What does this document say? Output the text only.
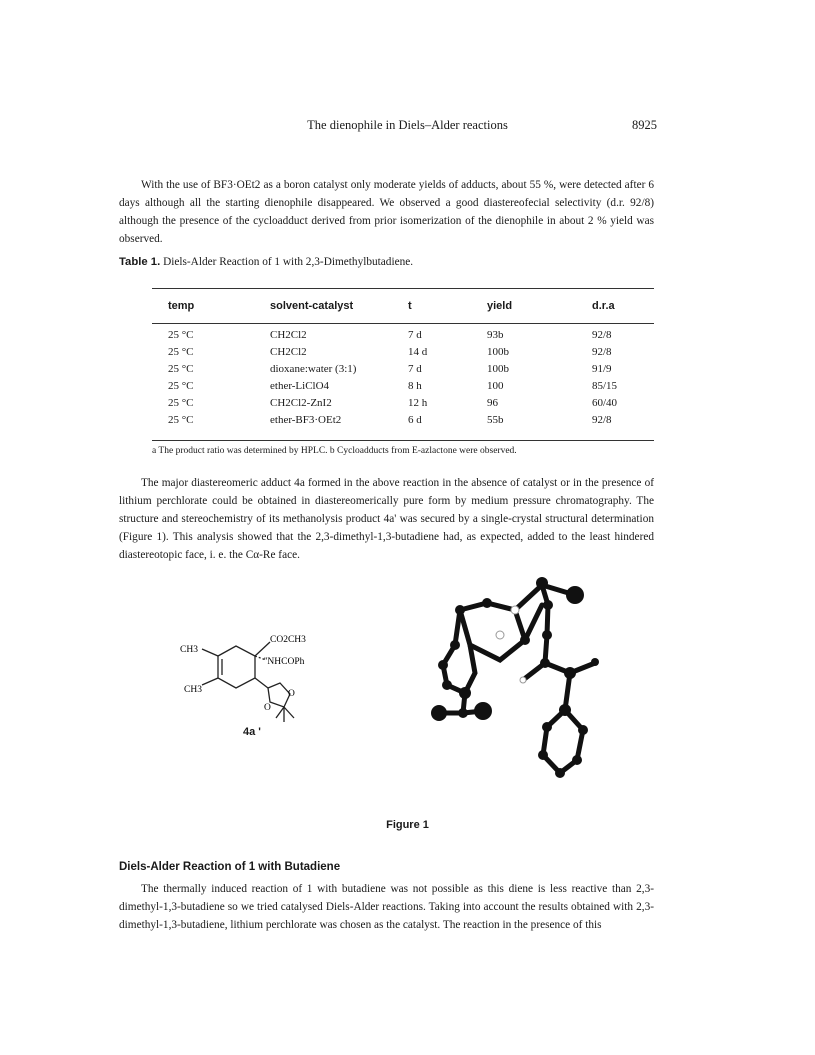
The dienophile in Diels–Alder reactions	8925

With the use of BF3·OEt2 as a boron catalyst only moderate yields of adducts, about 55 %, were detected after 6 days although all the starting dienophile disappeared. We observed a good diastereofecial selectivity (d.r. 92/8) although the presence of the cycloadduct derived from prior isomerization of the dienophile in about 2 % yield was observed.

Table 1. Diels-Alder Reaction of 1 with 2,3-Dimethylbutadiene.
temp	solvent-catalyst	t	yield	d.r.a

25 °C	CH2Cl2	7 d	93b	92/8
25 °C	CH2Cl2	14 d	100b	92/8
25 °C	dioxane:water (3:1)	7 d	100b	91/9
25 °C	ether-LiClO4	8 h	100	85/15
25 °C	CH2Cl2-ZnI2	12 h	96	60/40
25 °C	ether-BF3·OEt2	6 d	55b	92/8
a The product ratio was determined by HPLC. b Cycloadducts from E-azlactone were observed.

The major diastereomeric adduct 4a formed in the above reaction in the absence of catalyst or in the presence of lithium perchlorate could be obtained in diastereomerically pure form by medium pressure chromatography. The structure and stereochemistry of its methanolysis product 4a' was secured by a single-crystal structural determination (Figure 1). This analysis showed that the 2,3-dimethyl-1,3-butadiene had, as expected, added to the least hindered diastereotopic face, i. e. the Cα-Re face.

CH3
CH3
CO2CH3
''NHCOPh
O
O
4a '
Figure 1
Diels-Alder Reaction of 1 with Butadiene

The thermally induced reaction of 1 with butadiene was not possible as this diene is less reactive than 2,3-dimethyl-1,3-butadiene so we tried catalysed Diels-Alder reactions. Taking into account the results obtained with 2,3-dimethyl-1,3-butadiene, lithium perchlorate was chosen as the catalyst. The reaction in the presence of this
